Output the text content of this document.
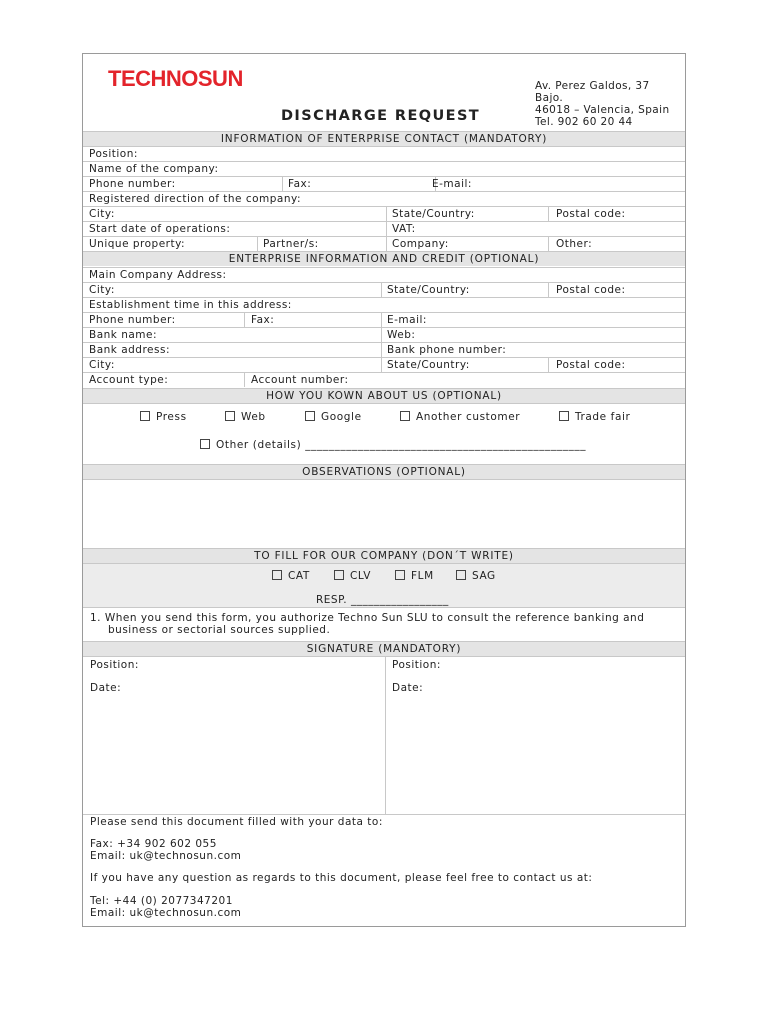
TECHNOSUN
DISCHARGE REQUEST
Av. Perez Galdos, 37
Bajo.
46018 – Valencia, Spain
Tel. 902 60 20 44
INFORMATION OF ENTERPRISE CONTACT (MANDATORY)
Position:
Name of the company:
Phone number:	Fax:	E-mail:
Registered direction of the company:
City:	State/Country:	Postal code:
Start date of operations:	VAT:
Unique property:	Partner/s:	Company:	Other:
ENTERPRISE INFORMATION AND CREDIT (OPTIONAL)
Main Company Address:
City:	State/Country:	Postal code:
Establishment time in this address:
Phone number:	Fax:	E-mail:
Bank name:	Web:
Bank address:	Bank phone number:
City:	State/Country:	Postal code:
Account type:	Account number:
HOW YOU KOWN ABOUT US (OPTIONAL)
Press	Web	Google	Another customer	Trade fair
Other (details) ________________________________________________
OBSERVATIONS (OPTIONAL)
TO FILL FOR OUR COMPANY (DON´T WRITE)
CAT	CLV	FLM	SAG
RESP. _________________
1. When you send this form, you authorize Techno Sun SLU to consult the reference banking and
business or sectorial sources supplied.
SIGNATURE (MANDATORY)
Position:	Position:
Date:	Date:
Please send this document filled with your data to:
Fax: +34 902 602 055
Email: uk@technosun.com
If you have any question as regards to this document, please feel free to contact us at:
Tel: +44 (0) 2077347201
Email: uk@technosun.com
